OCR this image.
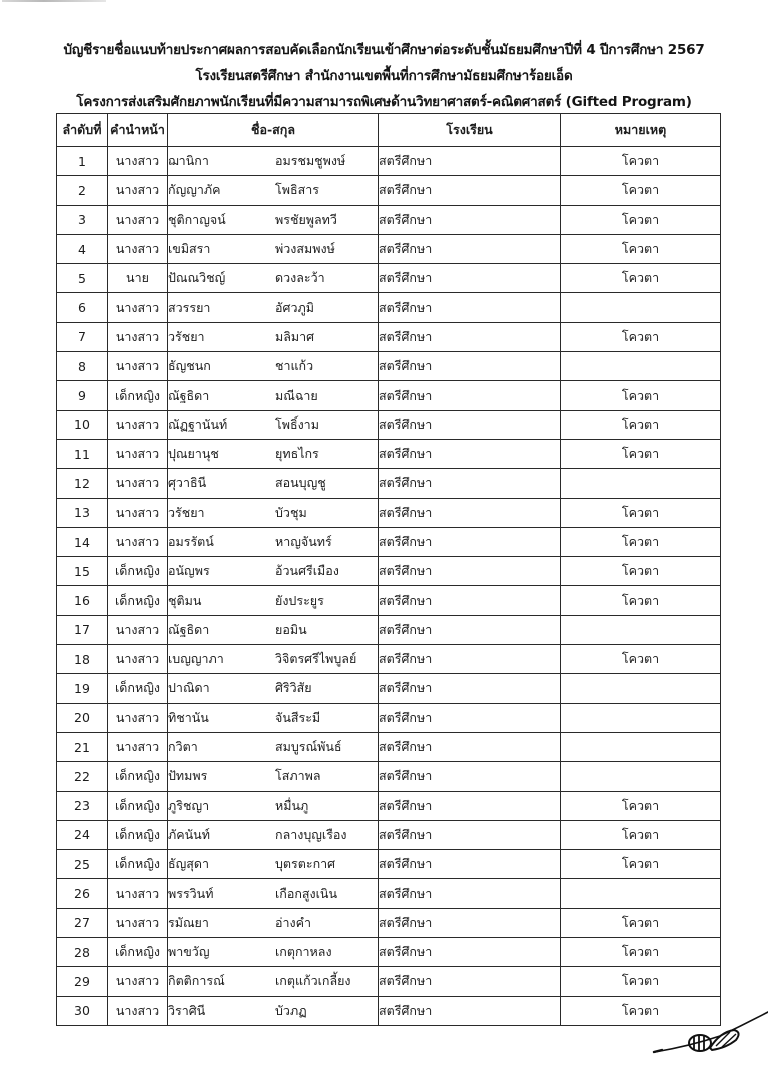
บัญชีรายชื่อแนบท้ายประกาศผลการสอบคัดเลือกนักเรียนเข้าศึกษาต่อระดับชั้นมัธยมศึกษาปีที่ 4 ปีการศึกษา 2567
โรงเรียนสตรีศึกษา สำนักงานเขตพื้นที่การศึกษามัธยมศึกษาร้อยเอ็ด
โครงการส่งเสริมศักยภาพนักเรียนที่มีความสามารถพิเศษด้านวิทยาศาสตร์-คณิตศาสตร์ (Gifted Program)
ลำดับที่	คำนำหน้า	ชื่อ-สกุล	โรงเรียน	หมายเหตุ
1	นางสาว	ฌานิกา อมรชมชูพงษ์	สตรีศึกษา	โควตา
2	นางสาว	กัญญาภัค โพธิสาร	สตรีศึกษา	โควตา
3	นางสาว	ชุติกาญจน์ พรชัยพูลทวี	สตรีศึกษา	โควตา
4	นางสาว	เขมิสรา พ่วงสมพงษ์	สตรีศึกษา	โควตา
5	นาย	ปัณณวิชญ์ ดวงละว้า	สตรีศึกษา	โควตา
6	นางสาว	สวรรยา อัศวภูมิ	สตรีศึกษา	
7	นางสาว	วรัชยา มลิมาศ	สตรีศึกษา	โควตา
8	นางสาว	ธัญชนก ชาแก้ว	สตรีศึกษา	
9	เด็กหญิง	ณัฐธิดา มณีฉาย	สตรีศึกษา	โควตา
10	นางสาว	ณัฏฐานันท์ โพธิ์งาม	สตรีศึกษา	โควตา
11	นางสาว	ปุณยานุช ยุทธไกร	สตรีศึกษา	โควตา
12	นางสาว	ศุวาธินี สอนบุญชู	สตรีศึกษา	
13	นางสาว	วรัชยา บัวชุม	สตรีศึกษา	โควตา
14	นางสาว	อมรรัตน์ หาญจันทร์	สตรีศึกษา	โควตา
15	เด็กหญิง	อนัญพร อ้วนศรีเมือง	สตรีศึกษา	โควตา
16	เด็กหญิง	ชุติมน ยังประยูร	สตรีศึกษา	โควตา
17	นางสาว	ณัฐธิดา ยอมิน	สตรีศึกษา	
18	นางสาว	เบญญาภา วิจิตรศรีไพบูลย์	สตรีศึกษา	โควตา
19	เด็กหญิง	ปาณิดา ศิริวิสัย	สตรีศึกษา	
20	นางสาว	ทิชานัน จันสีระมี	สตรีศึกษา	
21	นางสาว	กวิตา สมบูรณ์พันธ์	สตรีศึกษา	
22	เด็กหญิง	ปัทมพร โสภาพล	สตรีศึกษา	
23	เด็กหญิง	ภูริชญา หมื่นภู	สตรีศึกษา	โควตา
24	เด็กหญิง	ภัคนันท์ กลางบุญเรือง	สตรีศึกษา	โควตา
25	เด็กหญิง	ธัญสุดา บุตรตะกาศ	สตรีศึกษา	โควตา
26	นางสาว	พรรวินท์ เกือกสูงเนิน	สตรีศึกษา	
27	นางสาว	รมัณยา อ่างคำ	สตรีศึกษา	โควตา
28	เด็กหญิง	พาขวัญ เกตุกาหลง	สตรีศึกษา	โควตา
29	นางสาว	กิตติการณ์ เกตุแก้วเกลี้ยง	สตรีศึกษา	โควตา
30	นางสาว	วิราศินี บัวภฏ	สตรีศึกษา	โควตา
